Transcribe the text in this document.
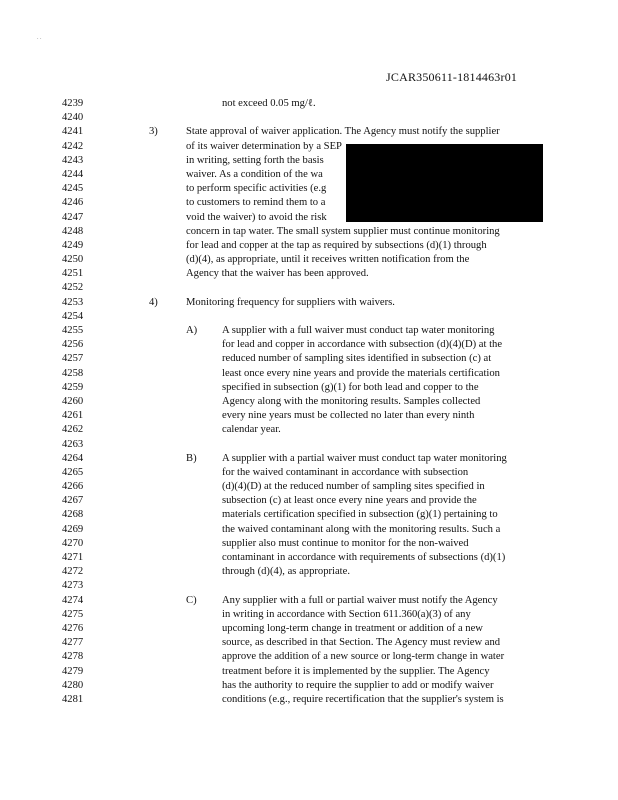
. .
JCAR350611-1814463r01
4239	not exceed 0.05 mg/ℓ.
4240
4241	3)	State approval of waiver application. The Agency must notify the supplier
4242	of its waiver determination by a SEP
4243	in writing, setting forth the basis
4244	waiver. As a condition of the wa
4245	to perform specific activities (e.g
4246	to customers to remind them to a
4247	void the waiver) to avoid the risk
4248	concern in tap water. The small system supplier must continue monitoring
4249	for lead and copper at the tap as required by subsections (d)(1) through
4250	(d)(4), as appropriate, until it receives written notification from the
4251	Agency that the waiver has been approved.
4252
4253	4)	Monitoring frequency for suppliers with waivers.
4254
4255	A) A supplier with a full waiver must conduct tap water monitoring
4256	for lead and copper in accordance with subsection (d)(4)(D) at the
4257	reduced number of sampling sites identified in subsection (c) at
4258	least once every nine years and provide the materials certification
4259	specified in subsection (g)(1) for both lead and copper to the
4260	Agency along with the monitoring results. Samples collected
4261	every nine years must be collected no later than every ninth
4262	calendar year.
4263
4264	B) A supplier with a partial waiver must conduct tap water monitoring
4265	for the waived contaminant in accordance with subsection
4266	(d)(4)(D) at the reduced number of sampling sites specified in
4267	subsection (c) at least once every nine years and provide the
4268	materials certification specified in subsection (g)(1) pertaining to
4269	the waived contaminant along with the monitoring results. Such a
4270	supplier also must continue to monitor for the non-waived
4271	contaminant in accordance with requirements of subsections (d)(1)
4272	through (d)(4), as appropriate.
4273
4274	C) Any supplier with a full or partial waiver must notify the Agency
4275	in writing in accordance with Section 611.360(a)(3) of any
4276	upcoming long-term change in treatment or addition of a new
4277	source, as described in that Section. The Agency must review and
4278	approve the addition of a new source or long-term change in water
4279	treatment before it is implemented by the supplier. The Agency
4280	has the authority to require the supplier to add or modify waiver
4281	conditions (e.g., require recertification that the supplier's system is
